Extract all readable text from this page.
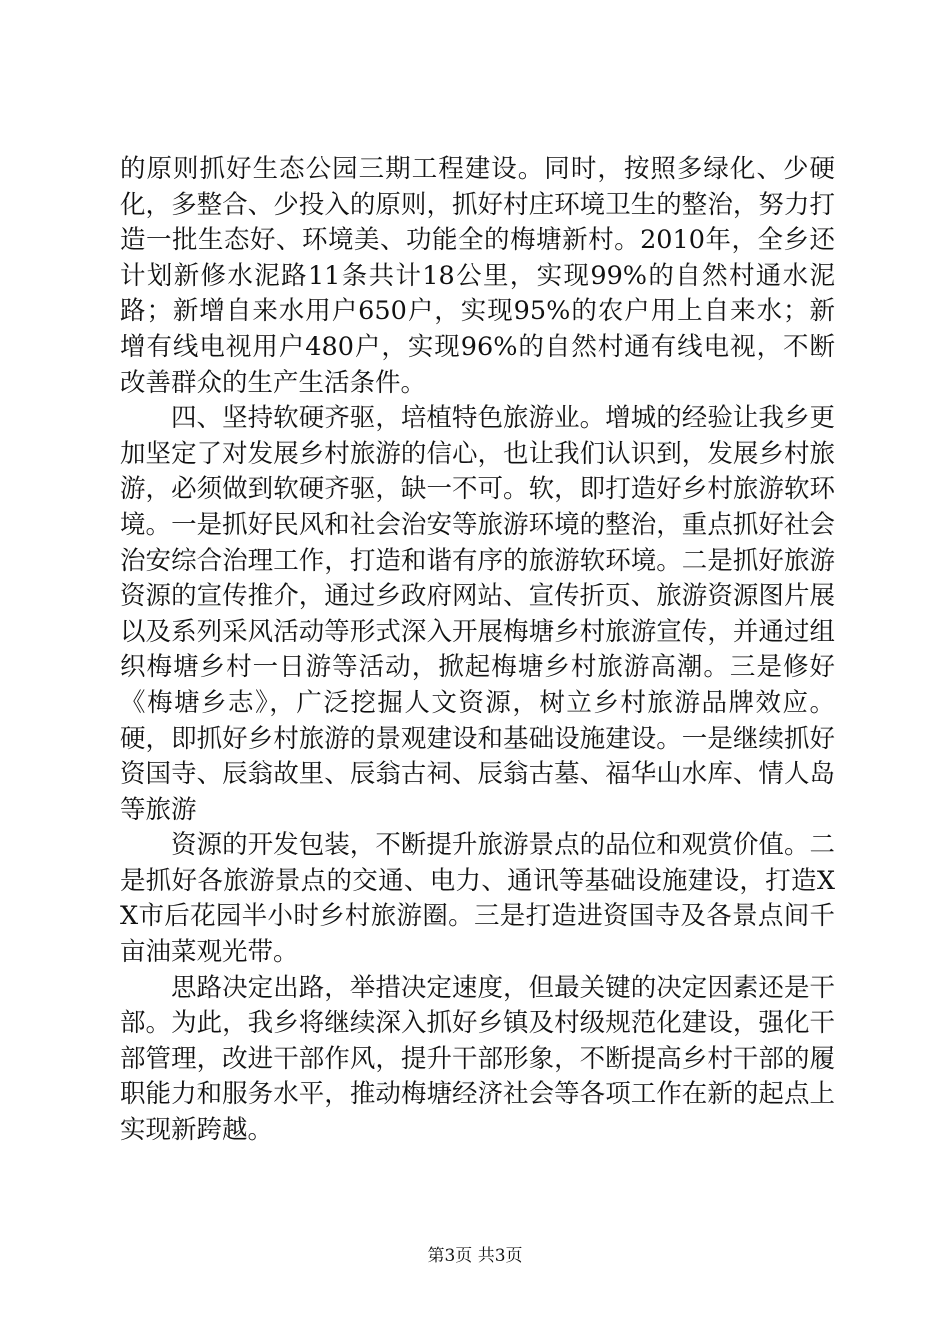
的原则抓好生态公园三期工程建设。同时，按照多绿化、少硬化，多整合、少投入的原则，抓好村庄环境卫生的整治，努力打造一批生态好、环境美、功能全的梅塘新村。2010年，全乡还计划新修水泥路11条共计18公里，实现99%的自然村通水泥路；新增自来水用户650户，实现95%的农户用上自来水；新增有线电视用户480户，实现96%的自然村通有线电视，不断改善群众的生产生活条件。

四、坚持软硬齐驱，培植特色旅游业。增城的经验让我乡更加坚定了对发展乡村旅游的信心，也让我们认识到，发展乡村旅游，必须做到软硬齐驱，缺一不可。软，即打造好乡村旅游软环境。一是抓好民风和社会治安等旅游环境的整治，重点抓好社会治安综合治理工作，打造和谐有序的旅游软环境。二是抓好旅游资源的宣传推介，通过乡政府网站、宣传折页、旅游资源图片展以及系列采风活动等形式深入开展梅塘乡村旅游宣传，并通过组织梅塘乡村一日游等活动，掀起梅塘乡村旅游高潮。三是修好《梅塘乡志》，广泛挖掘人文资源，树立乡村旅游品牌效应。硬，即抓好乡村旅游的景观建设和基础设施建设。一是继续抓好资国寺、辰翁故里、辰翁古祠、辰翁古墓、福华山水库、情人岛等旅游

资源的开发包装，不断提升旅游景点的品位和观赏价值。二是抓好各旅游景点的交通、电力、通讯等基础设施建设，打造XX市后花园半小时乡村旅游圈。三是打造进资国寺及各景点间千亩油菜观光带。

思路决定出路，举措决定速度，但最关键的决定因素还是干部。为此，我乡将继续深入抓好乡镇及村级规范化建设，强化干部管理，改进干部作风，提升干部形象，不断提高乡村干部的履职能力和服务水平，推动梅塘经济社会等各项工作在新的起点上实现新跨越。

第3页 共3页
